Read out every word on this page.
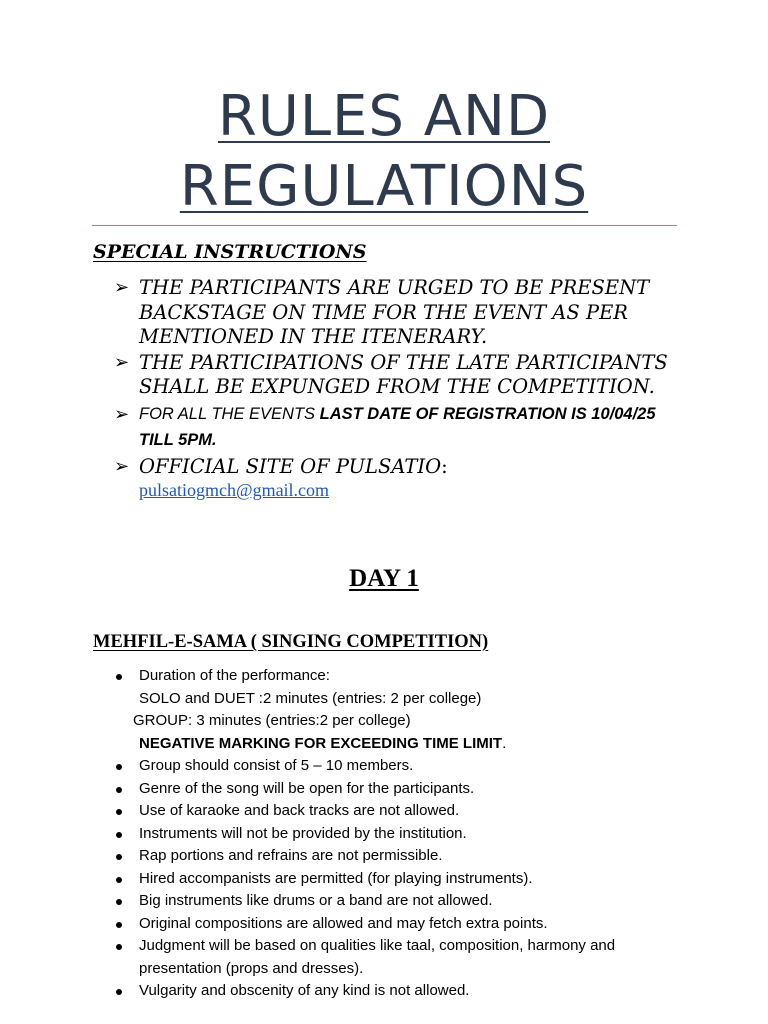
RULES AND
REGULATIONS
SPECIAL INSTRUCTIONS
➢ THE PARTICIPANTS ARE URGED TO BE PRESENT BACKSTAGE ON TIME FOR THE EVENT AS PER MENTIONED IN THE ITENERARY.
➢ THE PARTICIPATIONS OF THE LATE PARTICIPANTS SHALL BE EXPUNGED FROM THE COMPETITION.
➢ FOR ALL THE EVENTS LAST DATE OF REGISTRATION IS 10/04/25 TILL 5PM.
➢ OFFICIAL SITE OF PULSATIO:
pulsatiogmch@gmail.com
DAY 1
MEHFIL-E-SAMA ( SINGING COMPETITION)
Duration of the performance:
SOLO and DUET :2 minutes (entries: 2 per college)
GROUP: 3 minutes (entries:2 per college)
NEGATIVE MARKING FOR EXCEEDING TIME LIMIT.
Group should consist of 5 – 10 members.
Genre of the song will be open for the participants.
Use of karaoke and back tracks are not allowed.
Instruments will not be provided by the institution.
Rap portions and refrains are not permissible.
Hired accompanists are permitted (for playing instruments).
Big instruments like drums or a band are not allowed.
Original compositions are allowed and may fetch extra points.
Judgment will be based on qualities like taal, composition, harmony and presentation (props and dresses).
Vulgarity and obscenity of any kind is not allowed.
